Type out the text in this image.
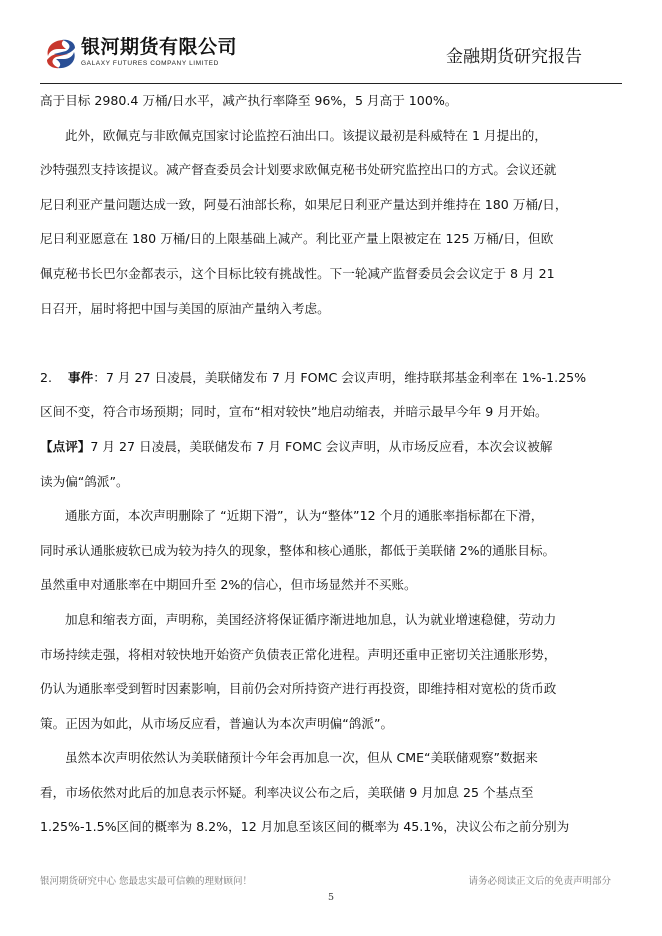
银河期货有限公司
GALAXY FUTURES COMPANY LIMITED	金融期货研究报告
高于目标 2980.4 万桶/日水平，减产执行率降至 96%，5 月高于 100%。
此外，欧佩克与非欧佩克国家讨论监控石油出口。该提议最初是科威特在 1 月提出的，
沙特强烈支持该提议。减产督查委员会计划要求欧佩克秘书处研究监控出口的方式。会议还就
尼日利亚产量问题达成一致，阿曼石油部长称，如果尼日利亚产量达到并维持在 180 万桶/日，
尼日利亚愿意在 180 万桶/日的上限基础上减产。利比亚产量上限被定在 125 万桶/日，但欧
佩克秘书长巴尔金都表示，这个目标比较有挑战性。下一轮减产监督委员会会议定于 8 月 21
日召开，届时将把中国与美国的原油产量纳入考虑。
2. 事件：7 月 27 日凌晨，美联储发布 7 月 FOMC 会议声明，维持联邦基金利率在 1%-1.25%
区间不变，符合市场预期；同时，宣布“相对较快”地启动缩表，并暗示最早今年 9 月开始。
【点评】7 月 27 日凌晨，美联储发布 7 月 FOMC 会议声明，从市场反应看，本次会议被解
读为偏“鸽派”。
通胀方面，本次声明删除了 “近期下滑”，认为“整体”12 个月的通胀率指标都在下滑，
同时承认通胀疲软已成为较为持久的现象，整体和核心通胀，都低于美联储 2%的通胀目标。
虽然重申对通胀率在中期回升至 2%的信心，但市场显然并不买账。
加息和缩表方面，声明称，美国经济将保证循序渐进地加息，认为就业增速稳健，劳动力
市场持续走强，将相对较快地开始资产负债表正常化进程。声明还重申正密切关注通胀形势，
仍认为通胀率受到暂时因素影响，目前仍会对所持资产进行再投资，即维持相对宽松的货币政
策。正因为如此，从市场反应看，普遍认为本次声明偏“鸽派”。
虽然本次声明依然认为美联储预计今年会再加息一次，但从 CME“美联储观察”数据来
看，市场依然对此后的加息表示怀疑。利率决议公布之后，美联储 9 月加息 25 个基点至
1.25%-1.5%区间的概率为 8.2%，12 月加息至该区间的概率为 45.1%，决议公布之前分别为
银河期货研究中心 您最忠实最可信赖的理财顾问！	请务必阅读正文后的免责声明部分
5
